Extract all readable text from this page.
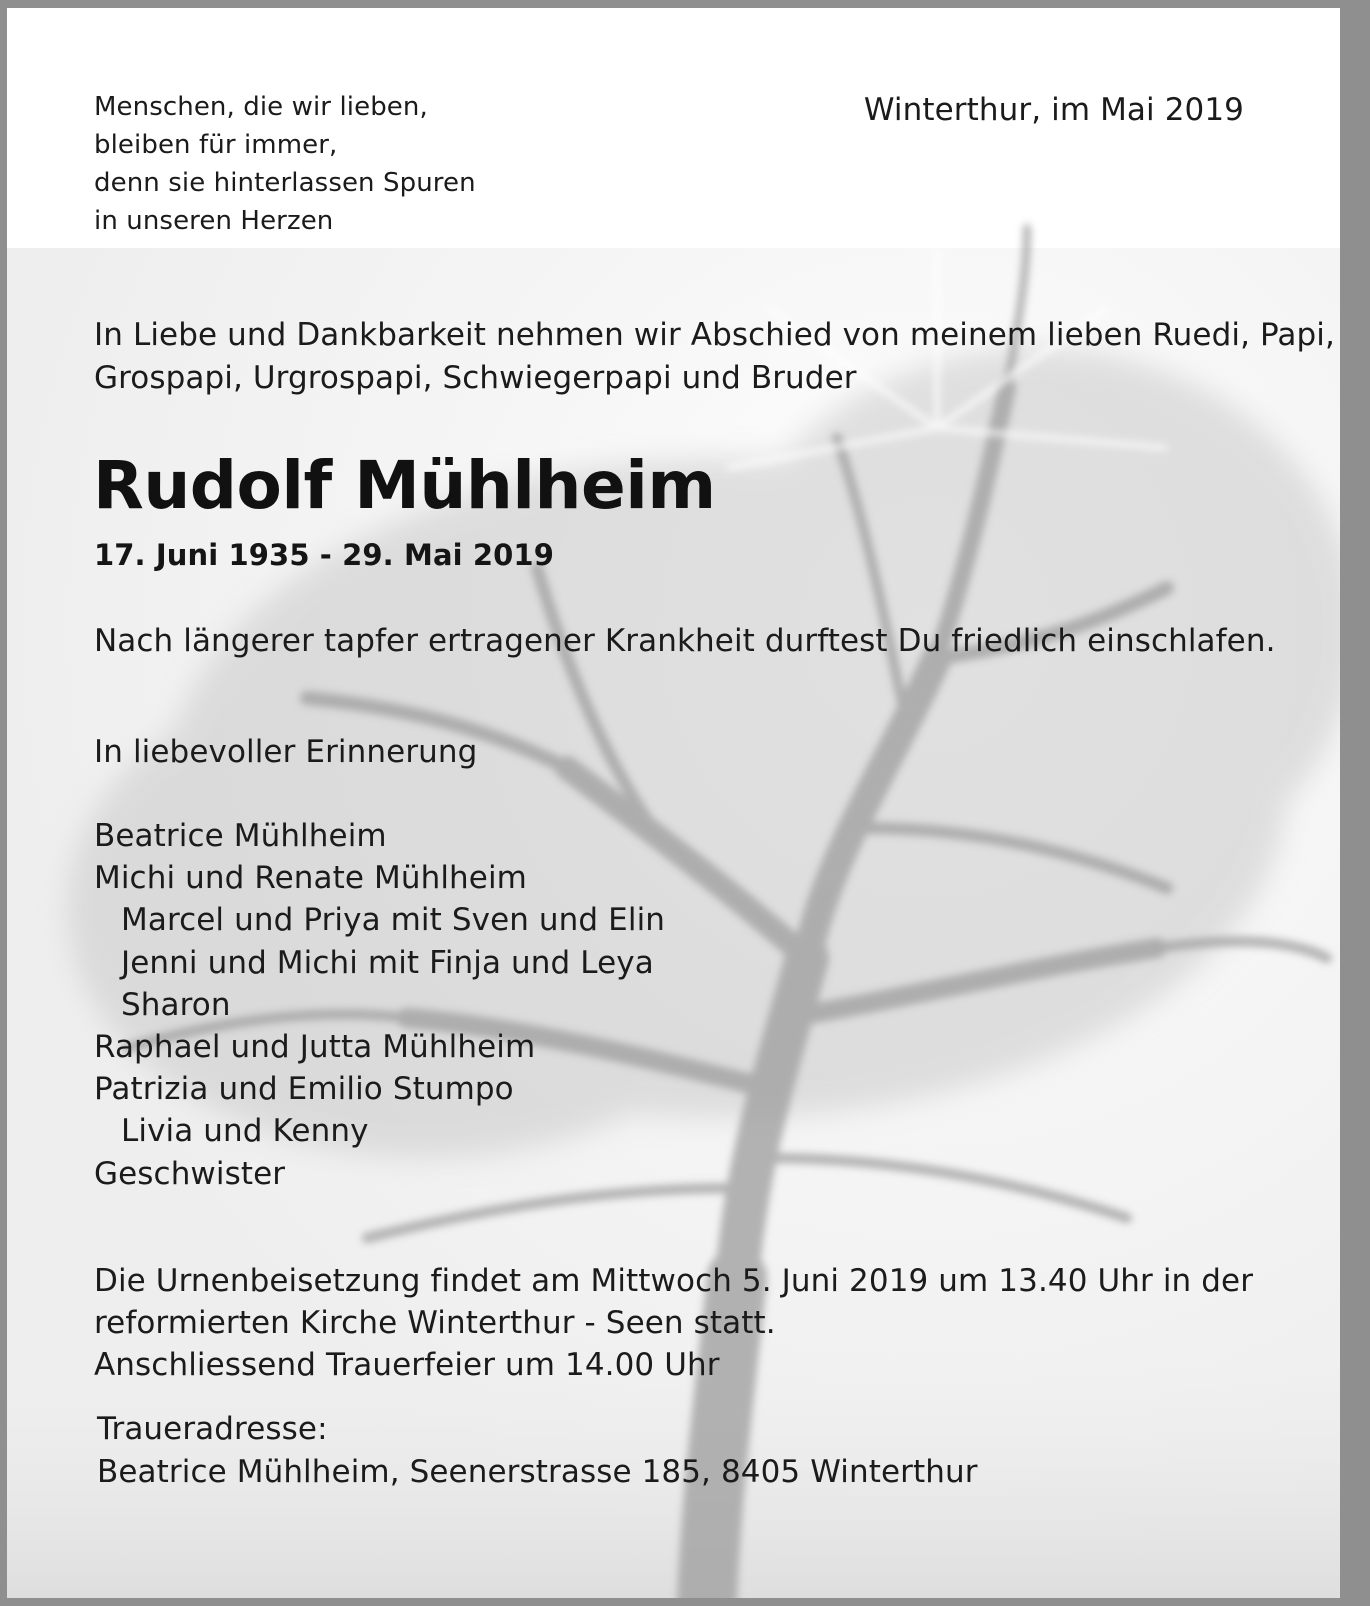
Menschen, die wir lieben,
bleiben für immer,
denn sie hinterlassen Spuren
in unseren Herzen
Winterthur, im Mai 2019
In Liebe und Dankbarkeit nehmen wir Abschied von meinem lieben Ruedi, Papi,
Grospapi, Urgrospapi, Schwiegerpapi und Bruder
Rudolf Mühlheim
17. Juni 1935 - 29. Mai 2019
Nach längerer tapfer ertragener Krankheit durftest Du friedlich einschlafen.
In liebevoller Erinnerung
Beatrice Mühlheim
Michi und Renate Mühlheim
Marcel und Priya mit Sven und Elin
Jenni und Michi mit Finja und Leya
Sharon
Raphael und Jutta Mühlheim
Patrizia und Emilio Stumpo
Livia und Kenny
Geschwister
Die Urnenbeisetzung findet am Mittwoch 5. Juni 2019 um 13.40 Uhr in der
reformierten Kirche Winterthur - Seen statt.
Anschliessend Trauerfeier um 14.00 Uhr
Traueradresse:
Beatrice Mühlheim, Seenerstrasse 185, 8405 Winterthur
